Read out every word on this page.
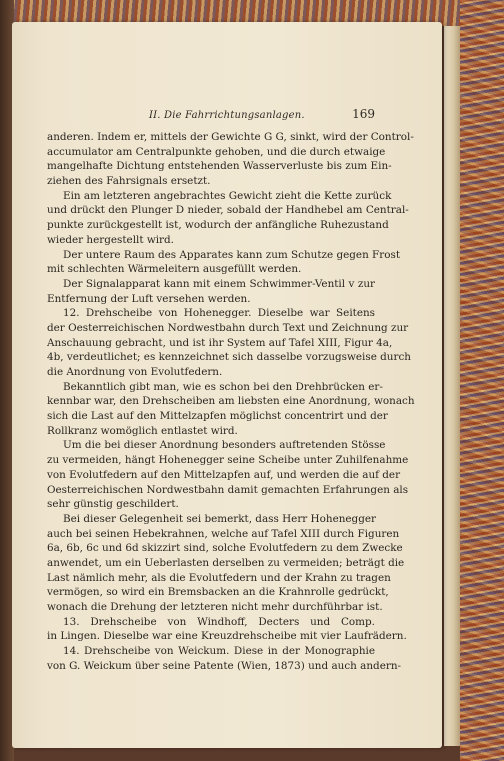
II. Die Fahrrichtungsanlagen.	169
anderen. Indem er, mittels der Gewichte G G, sinkt, wird der Control-
accumulator am Centralpunkte gehoben, und die durch etwaige
mangelhafte Dichtung entstehenden Wasserverluste bis zum Ein-
ziehen des Fahrsignals ersetzt.
Ein am letzteren angebrachtes Gewicht zieht die Kette zurück
und drückt den Plunger D nieder, sobald der Handhebel am Central-
punkte zurückgestellt ist, wodurch der anfängliche Ruhezustand
wieder hergestellt wird.
Der untere Raum des Apparates kann zum Schutze gegen Frost
mit schlechten Wärmeleitern ausgefüllt werden.
Der Signalapparat kann mit einem Schwimmer-Ventil v zur
Entfernung der Luft versehen werden.
12. Drehscheibe von Hohenegger. Dieselbe war Seitens
der Oesterreichischen Nordwestbahn durch Text und Zeichnung zur
Anschauung gebracht, und ist ihr System auf Tafel XIII, Figur 4a,
4b, verdeutlichet; es kennzeichnet sich dasselbe vorzugsweise durch
die Anordnung von Evolutfedern.
Bekanntlich gibt man, wie es schon bei den Drehbrücken er-
kennbar war, den Drehscheiben am liebsten eine Anordnung, wonach
sich die Last auf den Mittelzapfen möglichst concentrirt und der
Rollkranz womöglich entlastet wird.
Um die bei dieser Anordnung besonders auftretenden Stösse
zu vermeiden, hängt Hohenegger seine Scheibe unter Zuhilfenahme
von Evolutfedern auf den Mittelzapfen auf, und werden die auf der
Oesterreichischen Nordwestbahn damit gemachten Erfahrungen als
sehr günstig geschildert.
Bei dieser Gelegenheit sei bemerkt, dass Herr Hohenegger
auch bei seinen Hebekrahnen, welche auf Tafel XIII durch Figuren
6a, 6b, 6c und 6d skizzirt sind, solche Evolutfedern zu dem Zwecke
anwendet, um ein Ueberlasten derselben zu vermeiden; beträgt die
Last nämlich mehr, als die Evolutfedern und der Krahn zu tragen
vermögen, so wird ein Bremsbacken an die Krahnrolle gedrückt,
wonach die Drehung der letzteren nicht mehr durchführbar ist.
13. Drehscheibe von Windhoff, Decters und Comp.
in Lingen. Dieselbe war eine Kreuzdrehscheibe mit vier Laufrädern.
14. Drehscheibe von Weickum. Diese in der Monographie
von G. Weickum über seine Patente (Wien, 1873) und auch andern-
